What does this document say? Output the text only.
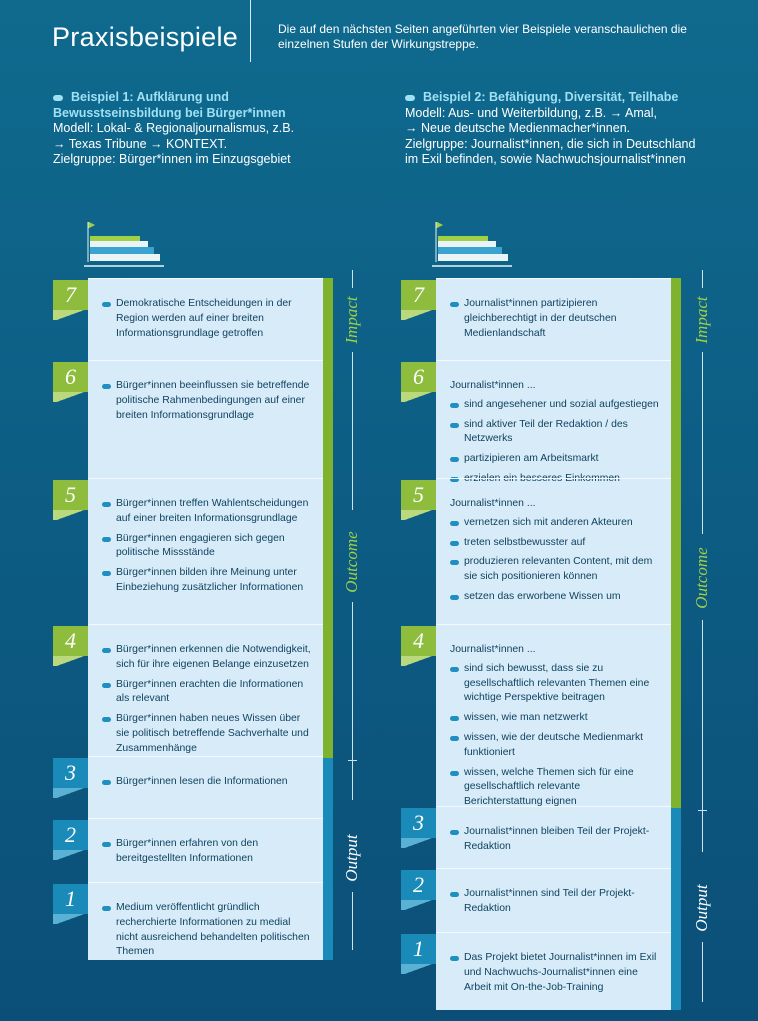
Praxisbeispiele	Die auf den nächsten Seiten angeführten vier Beispiele veranschaulichen die einzelnen Stufen der Wirkungstreppe.
Beispiel 1: Aufklärung und
Bewusstseinsbildung bei Bürger*innen
Modell: Lokal- & Regionaljournalismus, z.B.
→ Texas Tribune → KONTEXT.
Zielgruppe: Bürger*innen im Einzugsgebiet
Beispiel 2: Befähigung, Diversität, Teilhabe
Modell: Aus- und Weiterbildung, z.B. → Amal,
→ Neue deutsche Medienmacher*innen.
Zielgruppe: Journalist*innen, die sich in Deutschland
im Exil befinden, sowie Nachwuchsjournalist*innen
Demokratische Entscheidungen in der Region werden auf einer breiten Informationsgrundlage getroffen
7
Bürger*innen beeinflussen sie betreffende politische Rahmenbedingungen auf einer breiten Informationsgrundlage
6
Bürger*innen treffen Wahlentscheidungen auf einer breiten Informationsgrundlage
Bürger*innen engagieren sich gegen politische Missstände
Bürger*innen bilden ihre Meinung unter Einbeziehung zusätzlicher Informationen
5
Bürger*innen erkennen die Notwendigkeit, sich für ihre eigenen Belange einzusetzen
Bürger*innen erachten die Informationen als relevant
Bürger*innen haben neues Wissen über sie politisch betreffende Sachverhalte und Zusammenhänge
4
Bürger*innen lesen die Informationen
3
Bürger*innen erfahren von den bereitgestellten Informationen
2
Medium veröffentlicht gründlich recherchierte Informationen zu medial nicht ausreichend behandelten politischen Themen
1
Journalist*innen partizipieren gleichberechtigt in der deutschen Medienlandschaft
7
Journalist*innen ...
sind angesehener und sozial aufgestiegen
sind aktiver Teil der Redaktion / des Netzwerks
partizipieren am Arbeitsmarkt
erzielen ein besseres Einkommen
6
Journalist*innen ...
vernetzen sich mit anderen Akteuren
treten selbstbewusster auf
produzieren relevanten Content, mit dem sie sich positionieren können
setzen das erworbene Wissen um
5
Journalist*innen ...
sind sich bewusst, dass sie zu gesellschaftlich relevanten Themen eine wichtige Perspektive beitragen
wissen, wie man netzwerkt
wissen, wie der deutsche Medienmarkt funktioniert
wissen, welche Themen sich für eine gesellschaftlich relevante Berichterstattung eignen
4
Journalist*innen bleiben Teil der Projekt-Redaktion
3
Journalist*innen sind Teil der Projekt-Redaktion
2
Das Projekt bietet Journalist*innen im Exil und Nachwuchs-Journalist*innen eine Arbeit mit On-the-Job-Training
1
Impact
Outcome
Output
Impact
Outcome
Output
